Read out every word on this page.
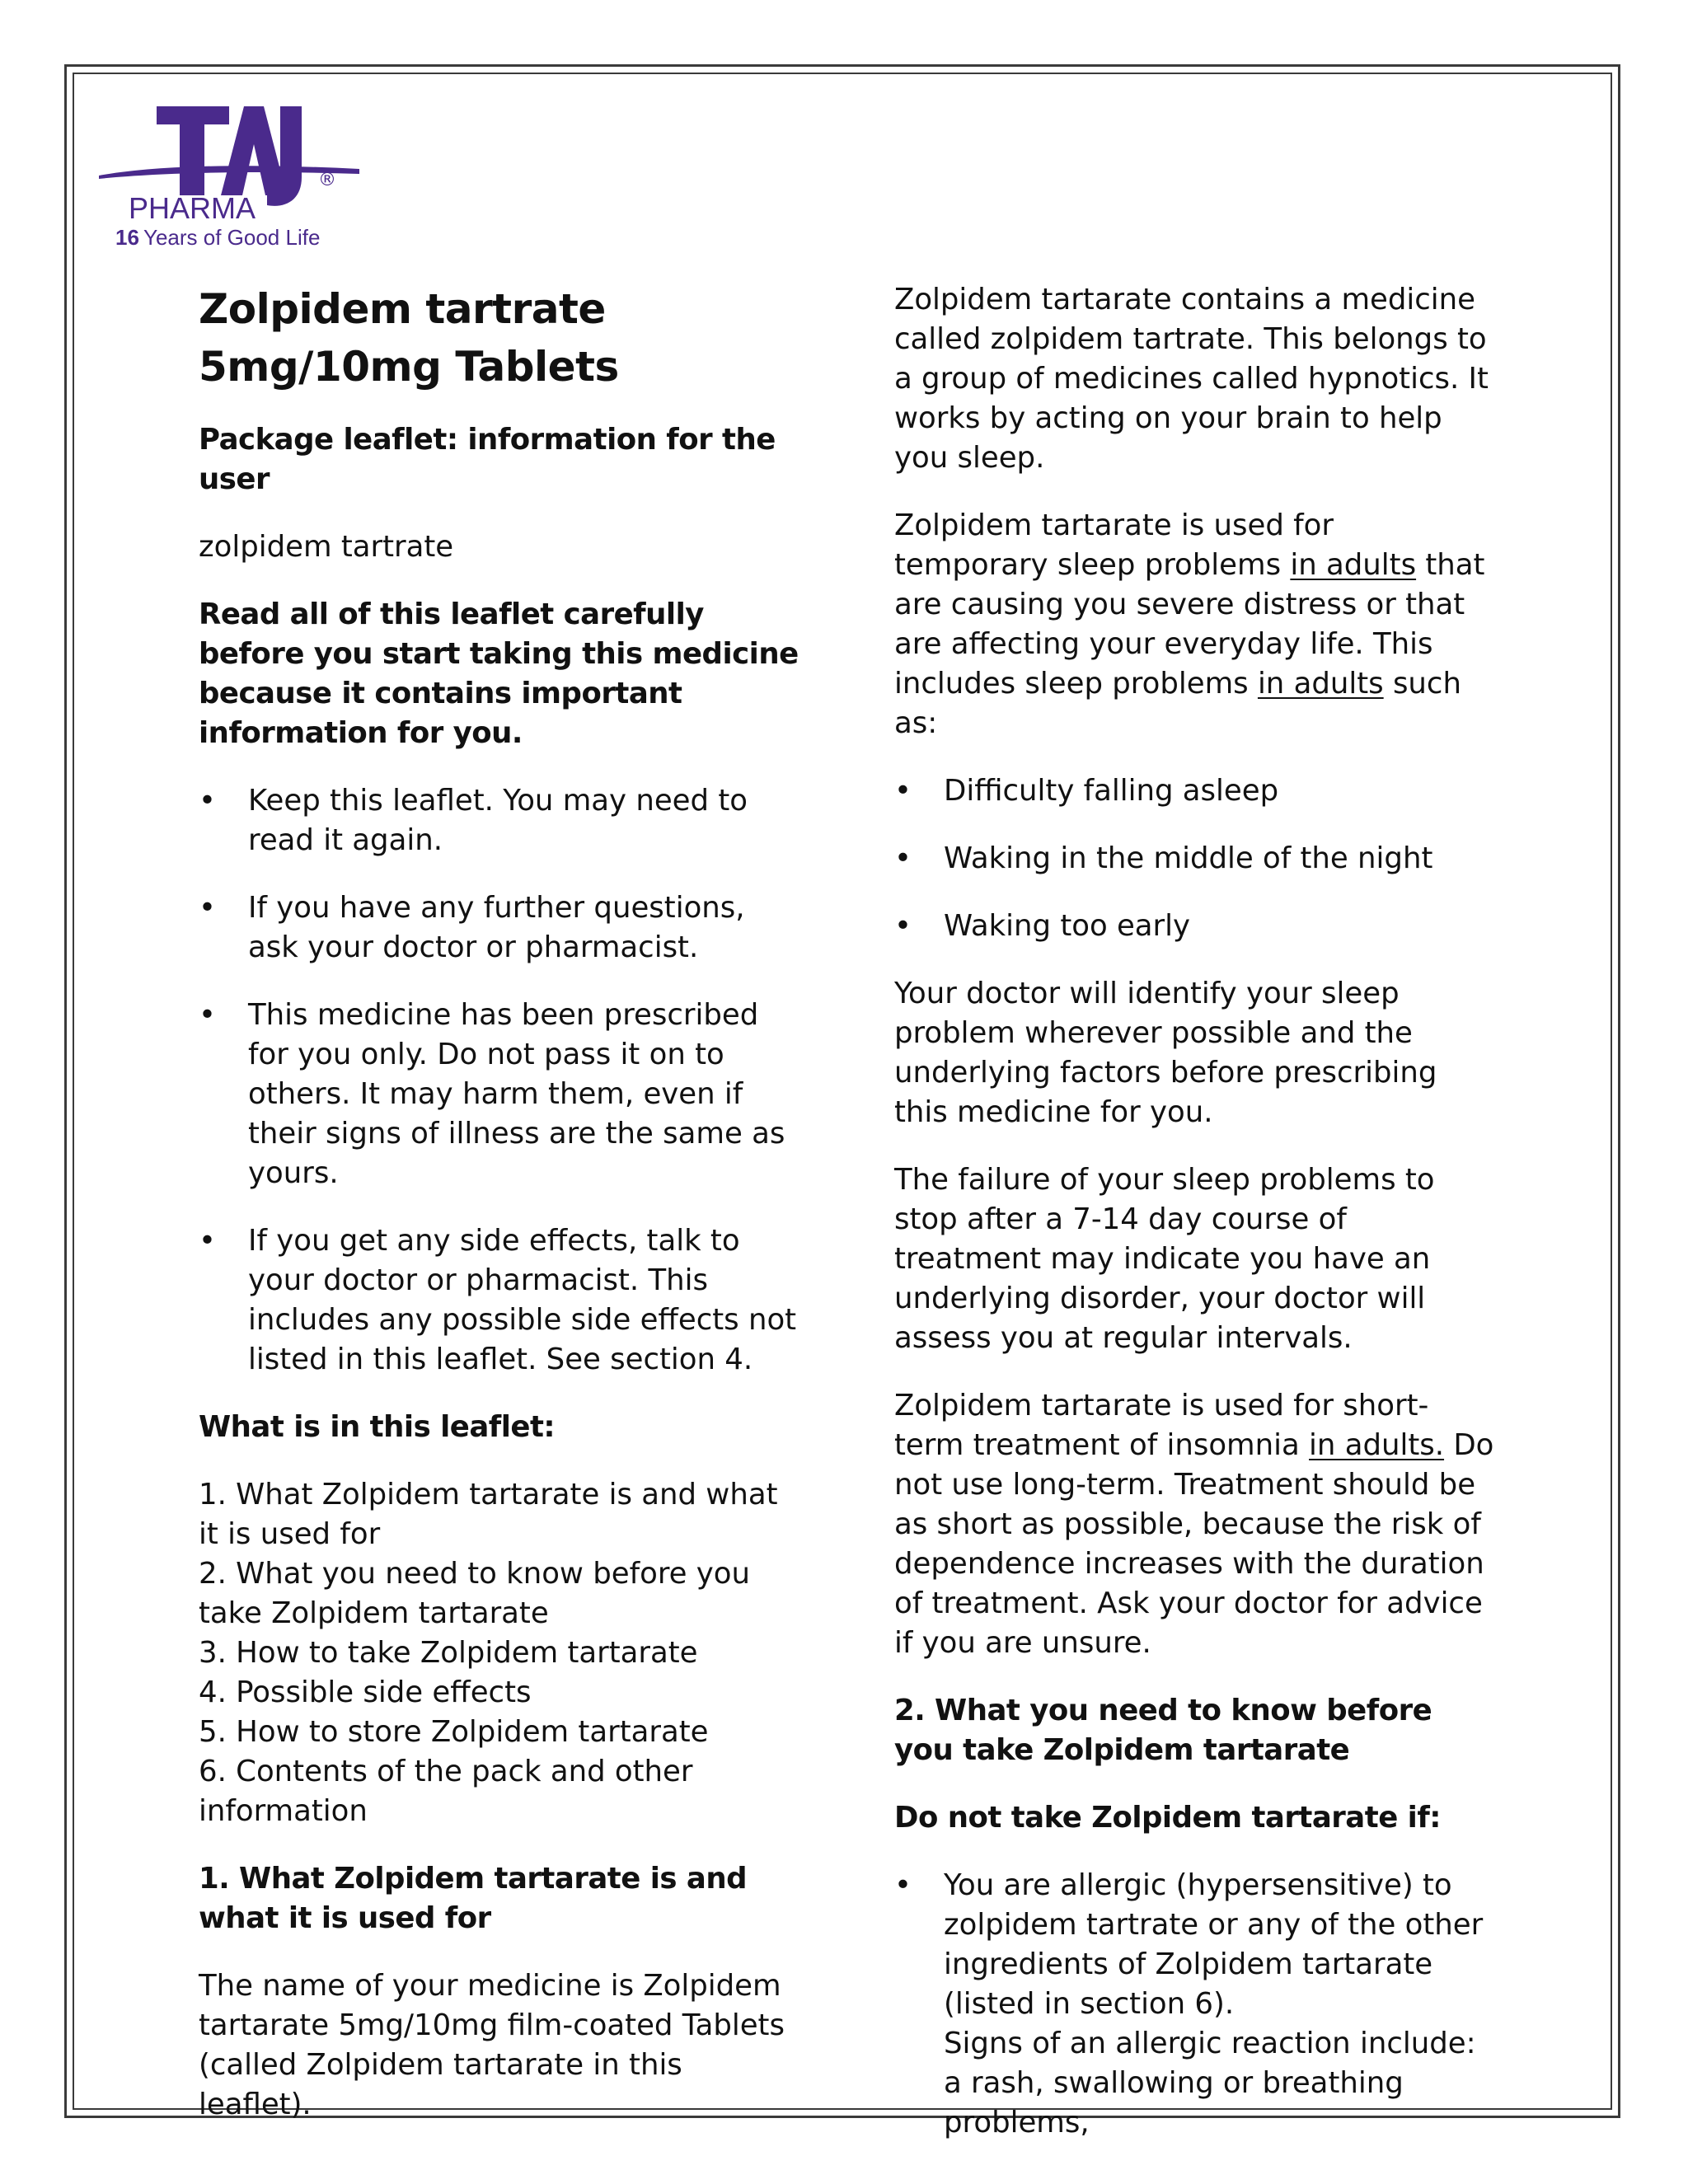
®
PHARMA
16 Years of Good Life
Zolpidem tartrate 5mg/10mg Tablets
Package leaflet: information for the user
zolpidem tartrate
Read all of this leaflet carefully before you start taking this medicine because it contains important information for you.
• Keep this leaflet. You may need to read it again.
• If you have any further questions, ask your doctor or pharmacist.
• This medicine has been prescribed for you only. Do not pass it on to others. It may harm them, even if their signs of illness are the same as yours.
• If you get any side effects, talk to your doctor or pharmacist. This includes any possible side effects not listed in this leaflet. See section 4.
What is in this leaflet:
1. What Zolpidem tartarate is and what it is used for
2. What you need to know before you take Zolpidem tartarate
3. How to take Zolpidem tartarate
4. Possible side effects
5. How to store Zolpidem tartarate
6. Contents of the pack and other information
1. What Zolpidem tartarate is and what it is used for
The name of your medicine is Zolpidem tartarate 5mg/10mg film-coated Tablets (called Zolpidem tartarate in this leaflet).
Zolpidem tartarate contains a medicine called zolpidem tartrate. This belongs to a group of medicines called hypnotics. It works by acting on your brain to help you sleep.
Zolpidem tartarate is used for temporary sleep problems in adults that are causing you severe distress or that are affecting your everyday life. This includes sleep problems in adults such as:
• Difficulty falling asleep
• Waking in the middle of the night
• Waking too early
Your doctor will identify your sleep problem wherever possible and the underlying factors before prescribing this medicine for you.
The failure of your sleep problems to stop after a 7-14 day course of treatment may indicate you have an underlying disorder, your doctor will assess you at regular intervals.
Zolpidem tartarate is used for short-term treatment of insomnia in adults. Do not use long-term. Treatment should be as short as possible, because the risk of dependence increases with the duration of treatment. Ask your doctor for advice if you are unsure.
2. What you need to know before you take Zolpidem tartarate
Do not take Zolpidem tartarate if:
• You are allergic (hypersensitive) to zolpidem tartrate or any of the other ingredients of Zolpidem tartarate (listed in section 6).
Signs of an allergic reaction include: a rash, swallowing or breathing problems,
